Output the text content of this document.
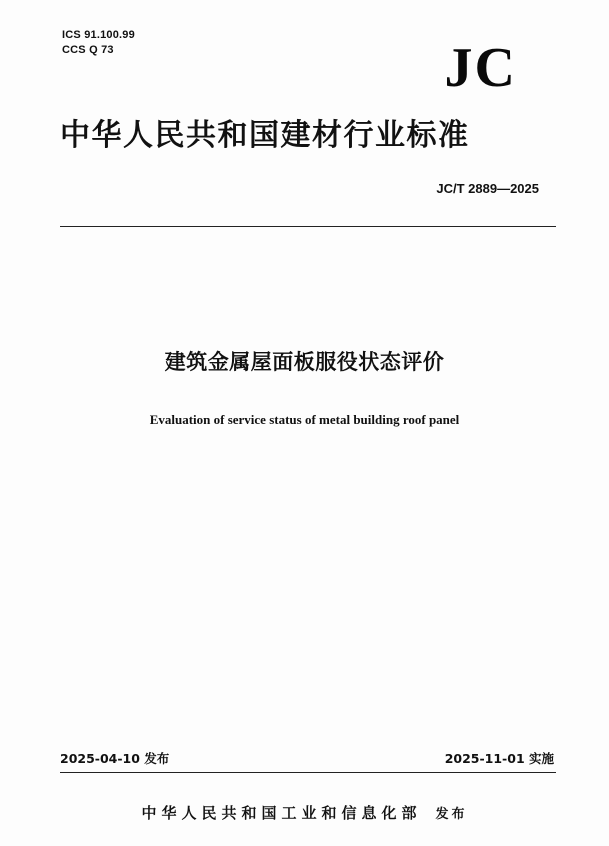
ICS 91.100.99
CCS Q 73	JC
中华人民共和国建材行业标准
JC/T 2889—2025
建筑金属屋面板服役状态评价
Evaluation of service status of metal building roof panel
2025-04-10 发布	2025-11-01 实施
中华人民共和国工业和信息化部 发布
